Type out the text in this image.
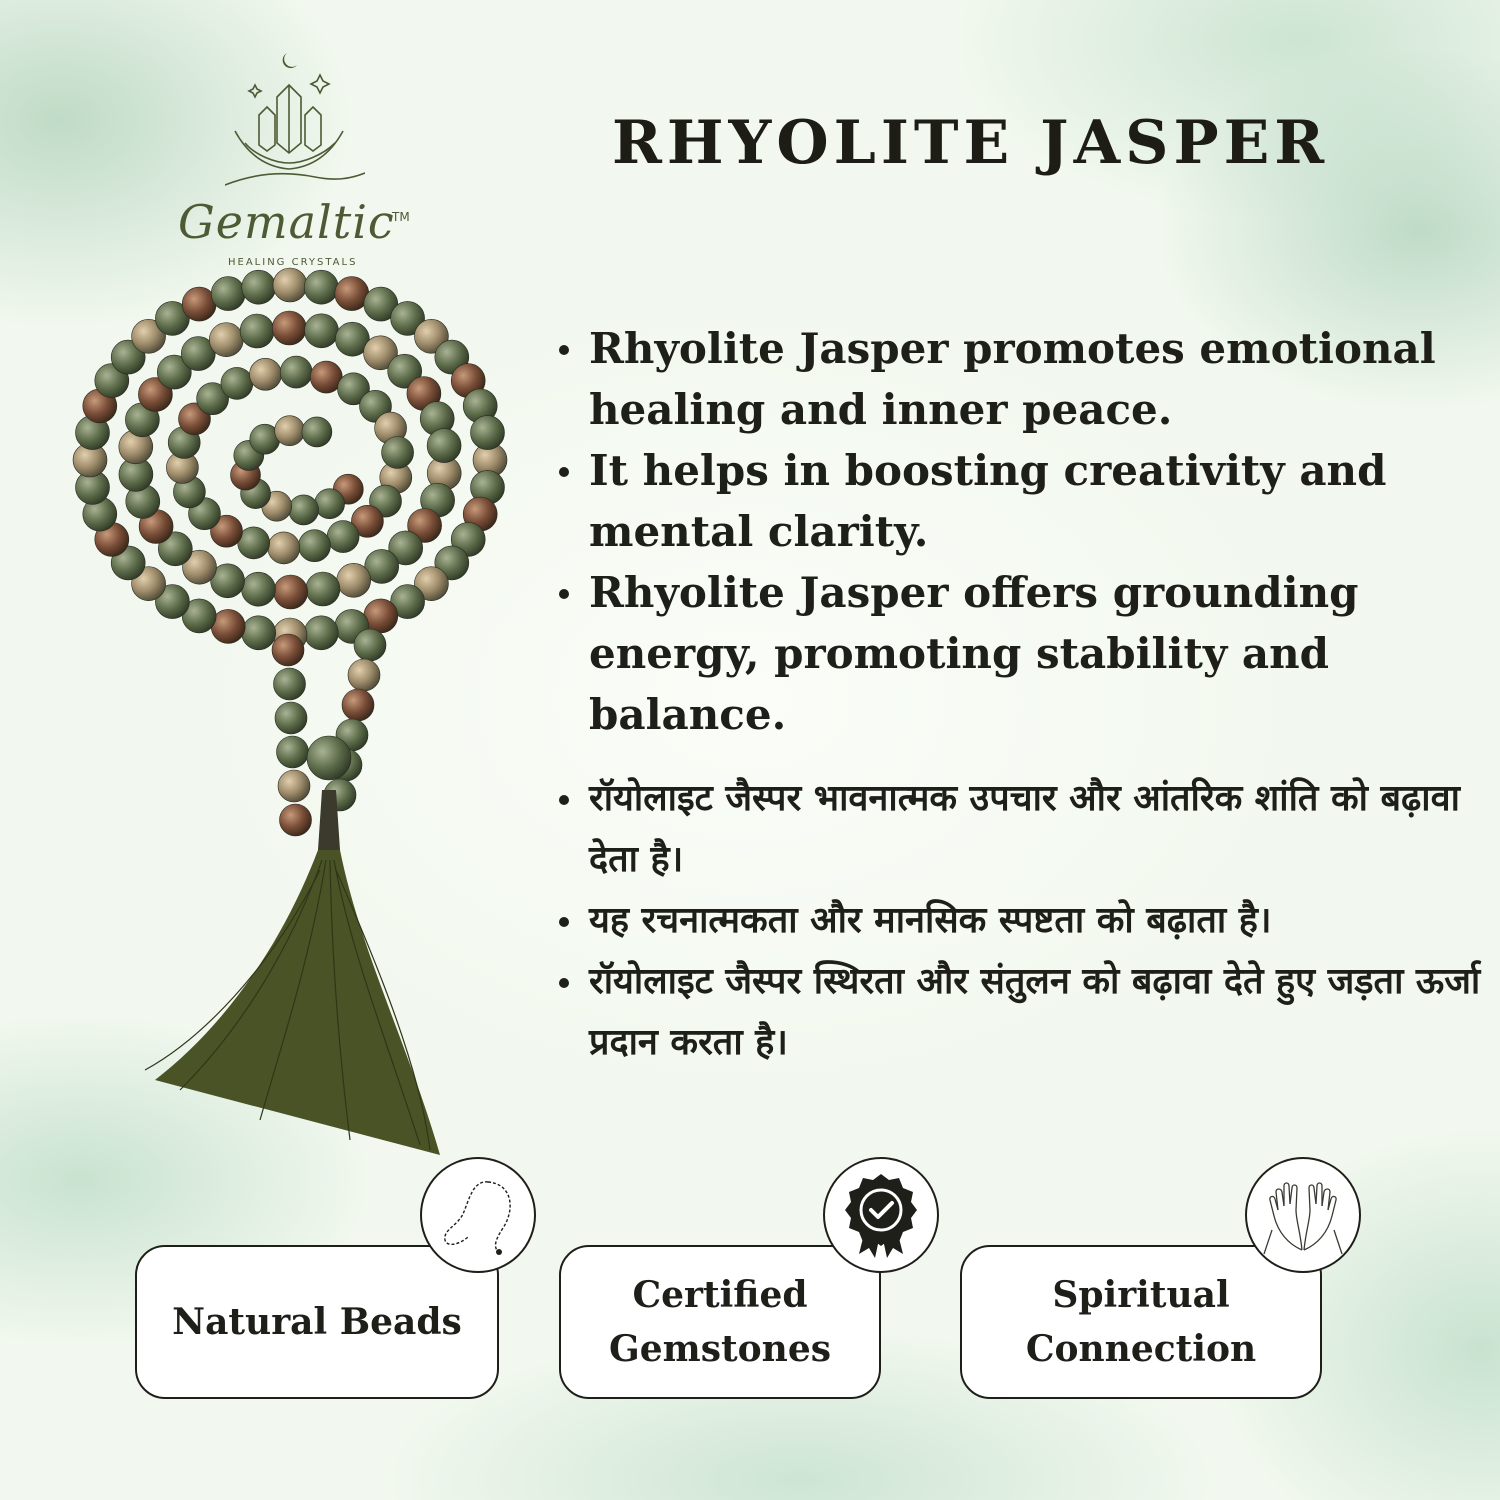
Gemaltic
TM
HEALING CRYSTALS
RHYOLITE JASPER
Rhyolite Jasper promotes emotional healing and inner peace.
It helps in boosting creativity and mental clarity.
Rhyolite Jasper offers grounding energy, promoting stability and balance.
रॉयोलाइट जैस्पर भावनात्मक उपचार और आंतरिक शांति को बढ़ावा देता है।
यह रचनात्मकता और मानसिक स्पष्टता को बढ़ाता है।
रॉयोलाइट जैस्पर स्थिरता और संतुलन को बढ़ावा देते हुए जड़ता ऊर्जा प्रदान करता है।
Natural Beads
Certified
Gemstones
Spiritual
Connection
